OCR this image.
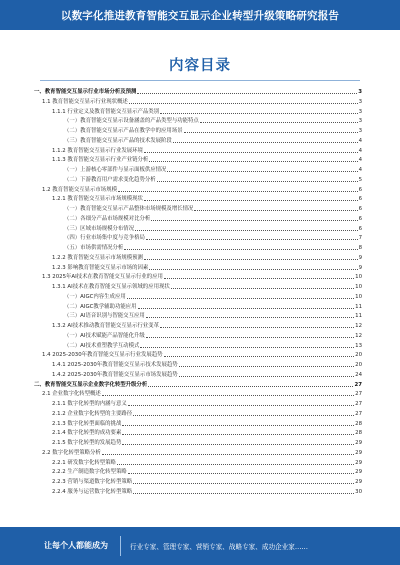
以数字化推进教育智能交互显示企业转型升级策略研究报告
内容目录
一、教育智能交互显示行业市场分析及预测	3
1.1 教育智能交互显示行业现状概述	3
1.1.1 行业定义及教育智能交互显示产品类别	3
（一）教育智能交互显示设备涵盖的产品类型与功能特点	3
（二）教育智能交互显示产品在教学中的应用场景	3
（三）教育智能交互显示产品的技术发展阶段	4
1.1.2 教育智能交互显示行业发展环境	4
1.1.3 教育智能交互显示行业产业链分析	4
（一）上游核心零部件与显示面板供应情况	4
（二）下游教育用户需求变化趋势分析	5
1.2 教育智能交互显示市场规模	6
1.2.1 教育智能交互显示市场规模现状	6
（一）教育智能交互显示产品整体市场规模及增长情况	6
（二）各细分产品市场规模对比分析	6
（三）区域市场规模分布情况	6
（四）行业市场集中度与竞争格局	7
（五）市场供需情况分析	8
1.2.2 教育智能交互显示市场规模预测	9
1.2.3 影响教育智能交互显示市场的因素	9
1.3 2025年AI技术在教育智能交互显示行业的应用	10
1.3.1 AI技术在教育智能交互显示领域的应用现状	10
（一）AIGC内容生成应用	10
（二）AIGC教学辅助功能应用	11
（三）AI语音识别与智能交互应用	11
1.3.2 AI技术推动教育智能交互显示行业变革	12
（一）AI技术赋能产品智能化升级	12
（二）AI技术重塑教学互动模式	13
1.4 2025-2030年教育智能交互显示行业发展趋势	20
1.4.1 2025-2030年教育智能交互显示技术发展趋势	20
1.4.2 2025-2030年教育智能交互显示市场发展趋势	24
二、教育智能交互显示企业数字化转型升级分析	27
2.1 企业数字化转型概述	27
2.1.1 数字化转型的内涵与意义	27
2.1.2 企业数字化转型的主要路径	27
2.1.3 数字化转型面临的挑战	28
2.1.4 数字化转型的成功要素	28
2.1.5 数字化转型的发展趋势	29
2.2 数字化转型策略分析	29
2.2.1 研发数字化转型策略	29
2.2.2 生产制造数字化转型策略	29
2.2.3 营销与渠道数字化转型策略	29
2.2.4 服务与运营数字化转型策略	30
让每个人都能成为	行业专家、管理专家、营销专家、战略专家、成功企业家……
